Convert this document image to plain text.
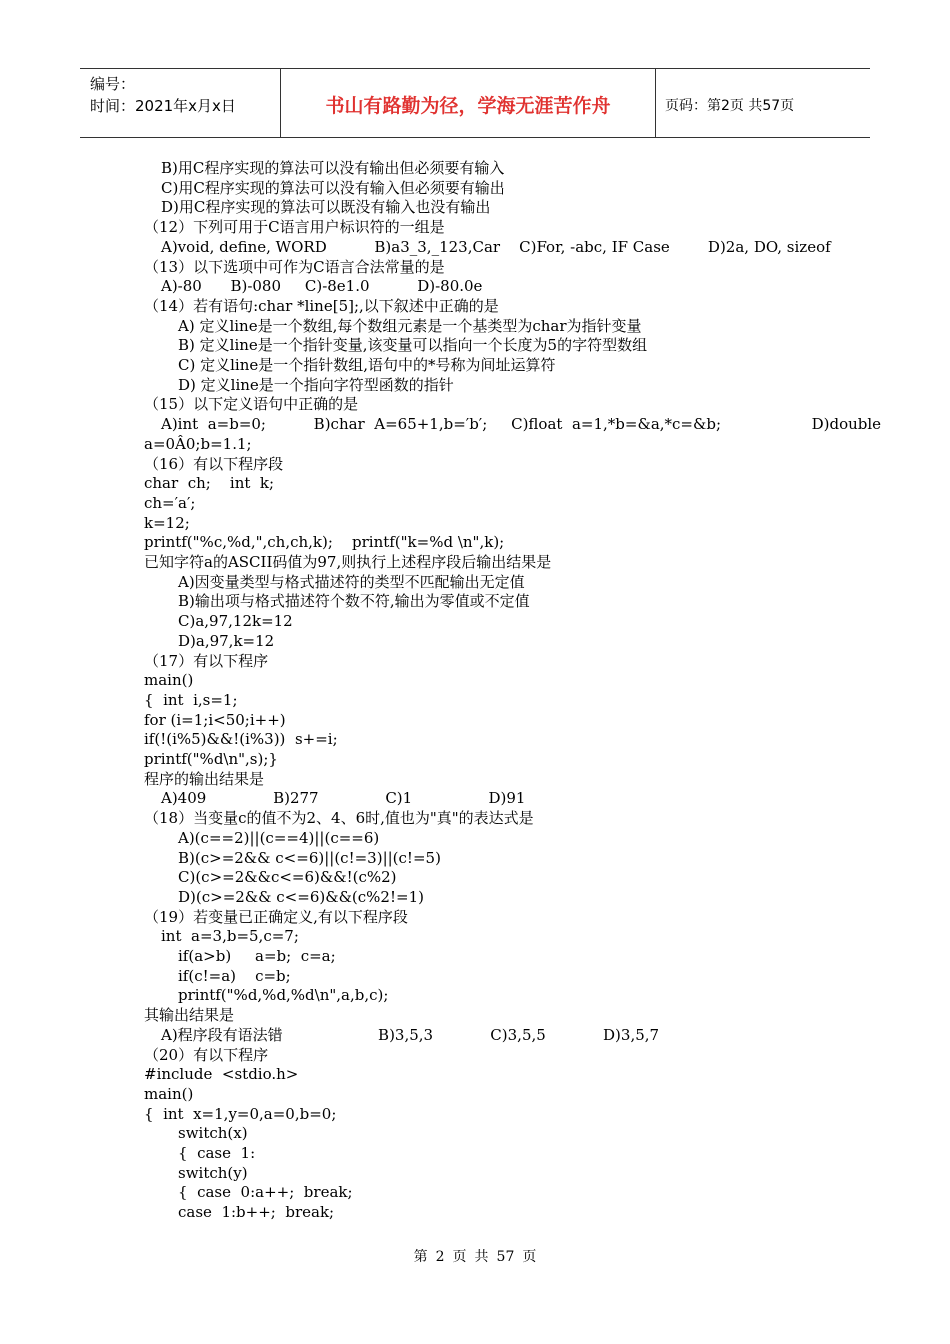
编号：
时间：2021年x月x日	书山有路勤为径，学海无涯苦作舟	页码：第2页 共57页
B)用C程序实现的算法可以没有输出但必须要有输入
C)用C程序实现的算法可以没有输入但必须要有输出
D)用C程序实现的算法可以既没有输入也没有输出
（12）下列可用于C语言用户标识符的一组是
A)void, define, WORD          B)a3_3,_123,Car    C)For, -abc, IF Case        D)2a, DO, sizeof
（13）以下选项中可作为C语言合法常量的是
A)-80      B)-080     C)-8e1.0          D)-80.0e
（14）若有语句:char *line[5];,以下叙述中正确的是
A) 定义line是一个数组,每个数组元素是一个基类型为char为指针变量
B) 定义line是一个指针变量,该变量可以指向一个长度为5的字符型数组
C) 定义line是一个指针数组,语句中的*号称为间址运算符
D) 定义line是一个指向字符型函数的指针
（15）以下定义语句中正确的是
A)int  a=b=0;          B)char  A=65+1,b=′b′;     C)float  a=1,*b=&a,*c=&b;                   D)double
a=0Â0;b=1.1;
（16）有以下程序段
char  ch;    int  k;
ch=′a′;
k=12;
printf("%c,%d,",ch,ch,k);    printf("k=%d \n",k);
已知字符a的ASCII码值为97,则执行上述程序段后输出结果是
A)因变量类型与格式描述符的类型不匹配输出无定值
B)输出项与格式描述符个数不符,输出为零值或不定值
C)a,97,12k=12
D)a,97,k=12
（17）有以下程序
main()
{  int  i,s=1;
for (i=1;i<50;i++)
if(!(i%5)&&!(i%3))  s+=i;
printf("%d\n",s);}
程序的输出结果是
A)409              B)277              C)1                D)91
（18）当变量c的值不为2、4、6时,值也为"真"的表达式是
A)(c==2)||(c==4)||(c==6)
B)(c>=2&& c<=6)||(c!=3)||(c!=5)
C)(c>=2&&c<=6)&&!(c%2)
D)(c>=2&& c<=6)&&(c%2!=1)
（19）若变量已正确定义,有以下程序段
int  a=3,b=5,c=7;
if(a>b)     a=b;  c=a;
if(c!=a)    c=b;
printf("%d,%d,%d\n",a,b,c);
其输出结果是
A)程序段有语法错                    B)3,5,3            C)3,5,5            D)3,5,7
（20）有以下程序
#include  <stdio.h>
main()
{  int  x=1,y=0,a=0,b=0;
switch(x)
{  case  1:
switch(y)
{  case  0:a++;  break;
case  1:b++;  break;
第 2 页 共 57 页
